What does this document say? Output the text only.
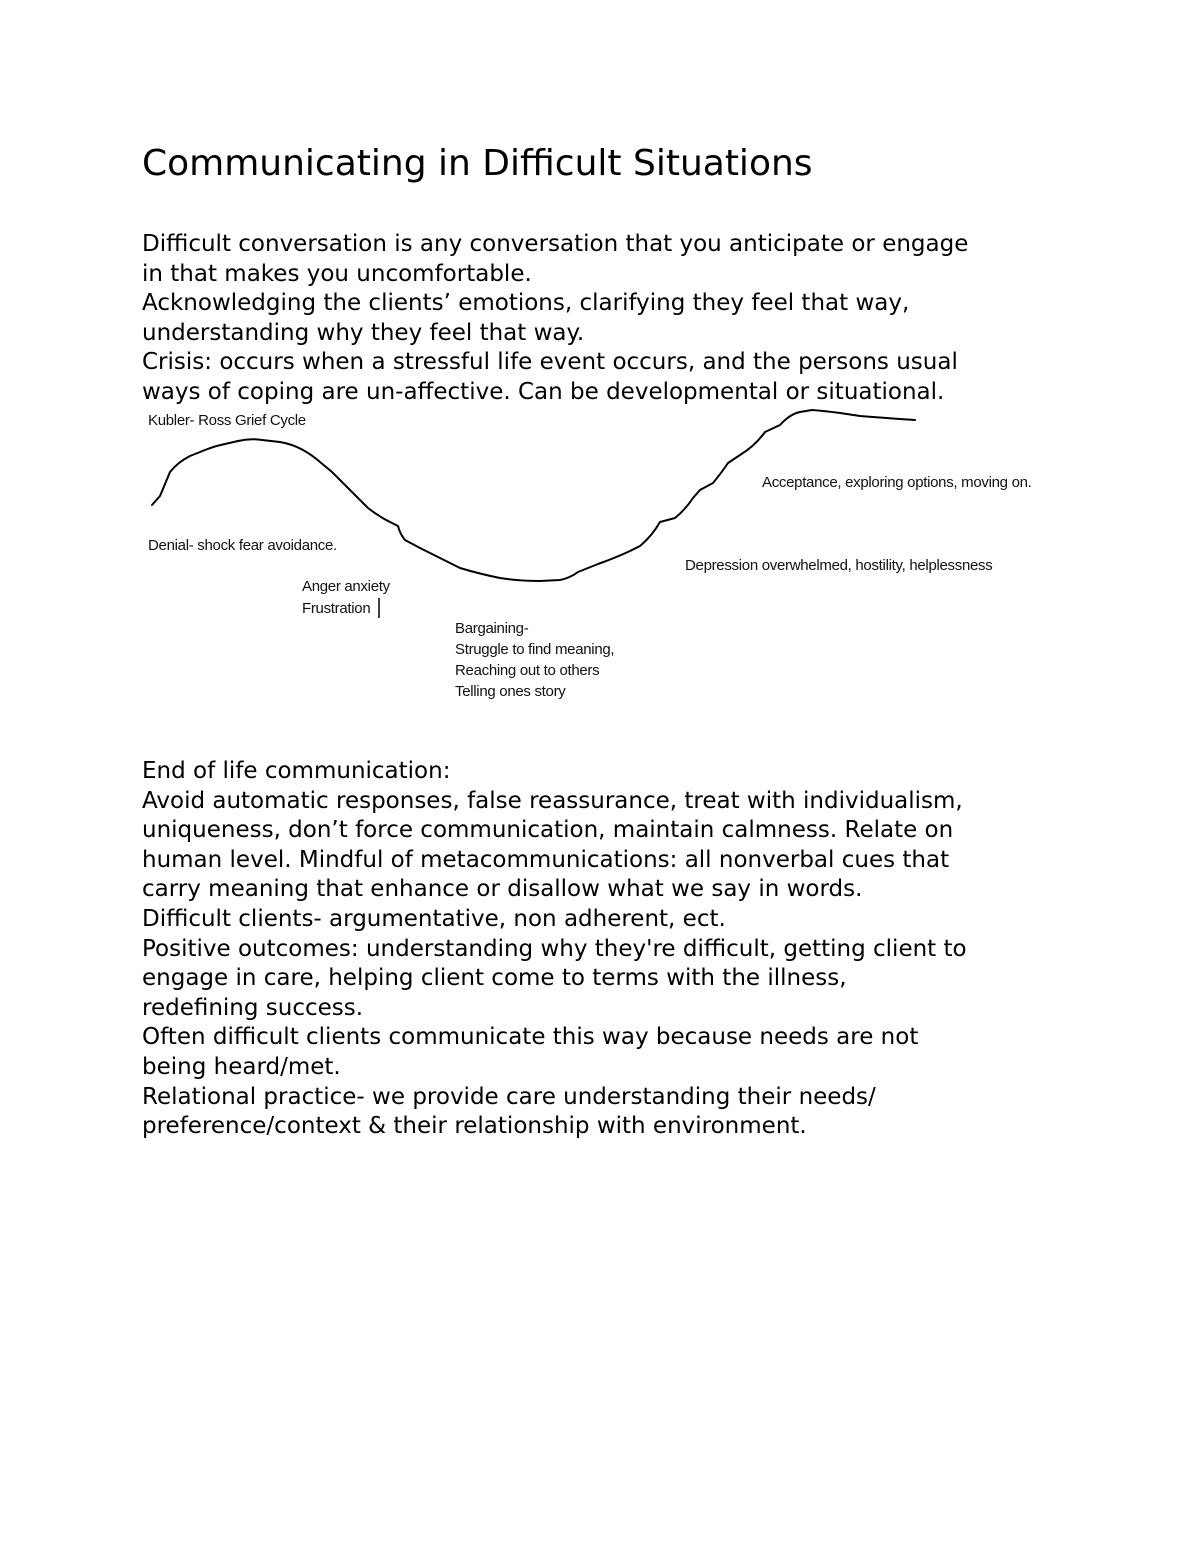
Communicating in Difficult Situations

Difficult conversation is any conversation that you anticipate or engage

in that makes you uncomfortable.

Acknowledging the clients’ emotions, clarifying they feel that way,

understanding why they feel that way.

Crisis: occurs when a stressful life event occurs, and the persons usual

ways of coping are un-affective. Can be developmental or situational.

Kubler- Ross Grief Cycle
Denial- shock fear avoidance.
Anger anxiety
Frustration
Bargaining-
Struggle to find meaning,
Reaching out to others
Telling ones story
Depression overwhelmed, hostility, helplessness
Acceptance, exploring options, moving on.

End of life communication:

Avoid automatic responses, false reassurance, treat with individualism,

uniqueness, don’t force communication, maintain calmness. Relate on

human level. Mindful of metacommunications: all nonverbal cues that

carry meaning that enhance or disallow what we say in words.

Difficult clients- argumentative, non adherent, ect.

Positive outcomes: understanding why they're difficult, getting client to

engage in care, helping client come to terms with the illness,

redefining success.

Often difficult clients communicate this way because needs are not

being heard/met.

Relational practice- we provide care understanding their needs/

preference/context & their relationship with environment.
